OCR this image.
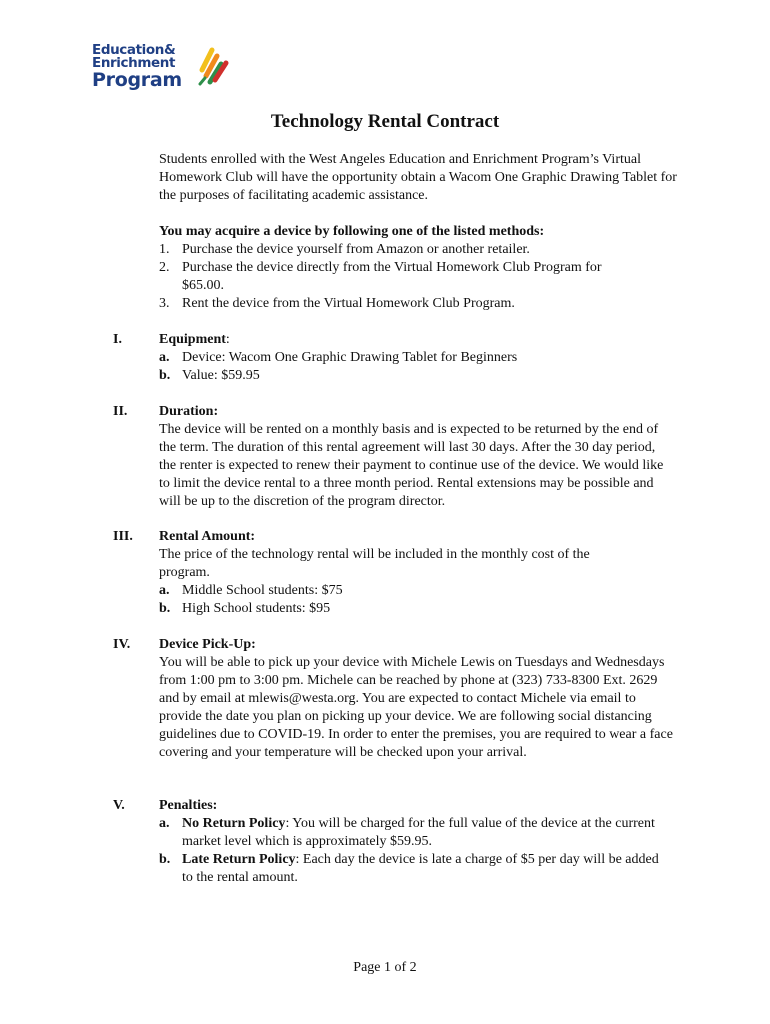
Education&
Enrichment
Program
Technology Rental Contract

Students enrolled with the West Angeles Education and Enrichment Program’s Virtual Homework Club will have the opportunity obtain a Wacom One Graphic Drawing Tablet for the purposes of facilitating academic assistance.

You may acquire a device by following one of the listed methods:
1. Purchase the device yourself from Amazon or another retailer.
2. Purchase the device directly from the Virtual Homework Club Program for $65.00.
3. Rent the device from the Virtual Homework Club Program.
I.	Equipment:
a. Device: Wacom One Graphic Drawing Tablet for Beginners
b. Value: $59.95
II. Duration:
The device will be rented on a monthly basis and is expected to be returned by the end of the term. The duration of this rental agreement will last 30 days. After the 30 day period, the renter is expected to renew their payment to continue use of the device. We would like to limit the device rental to a three month period. Rental extensions may be possible and will be up to the discretion of the program director.
III. Rental Amount:
The price of the technology rental will be included in the monthly cost of the program.
a. Middle School students: $75
b. High School students: $95
IV. Device Pick-Up:
You will be able to pick up your device with Michele Lewis on Tuesdays and Wednesdays from 1:00 pm to 3:00 pm. Michele can be reached by phone at (323) 733-8300 Ext. 2629 and by email at mlewis@westa.org. You are expected to contact Michele via email to provide the date you plan on picking up your device. We are following social distancing guidelines due to COVID-19. In order to enter the premises, you are required to wear a face covering and your temperature will be checked upon your arrival.
V. Penalties:
a. No Return Policy: You will be charged for the full value of the device at the current market level which is approximately $59.95.
b. Late Return Policy: Each day the device is late a charge of $5 per day will be added to the rental amount.
Page 1 of 2
